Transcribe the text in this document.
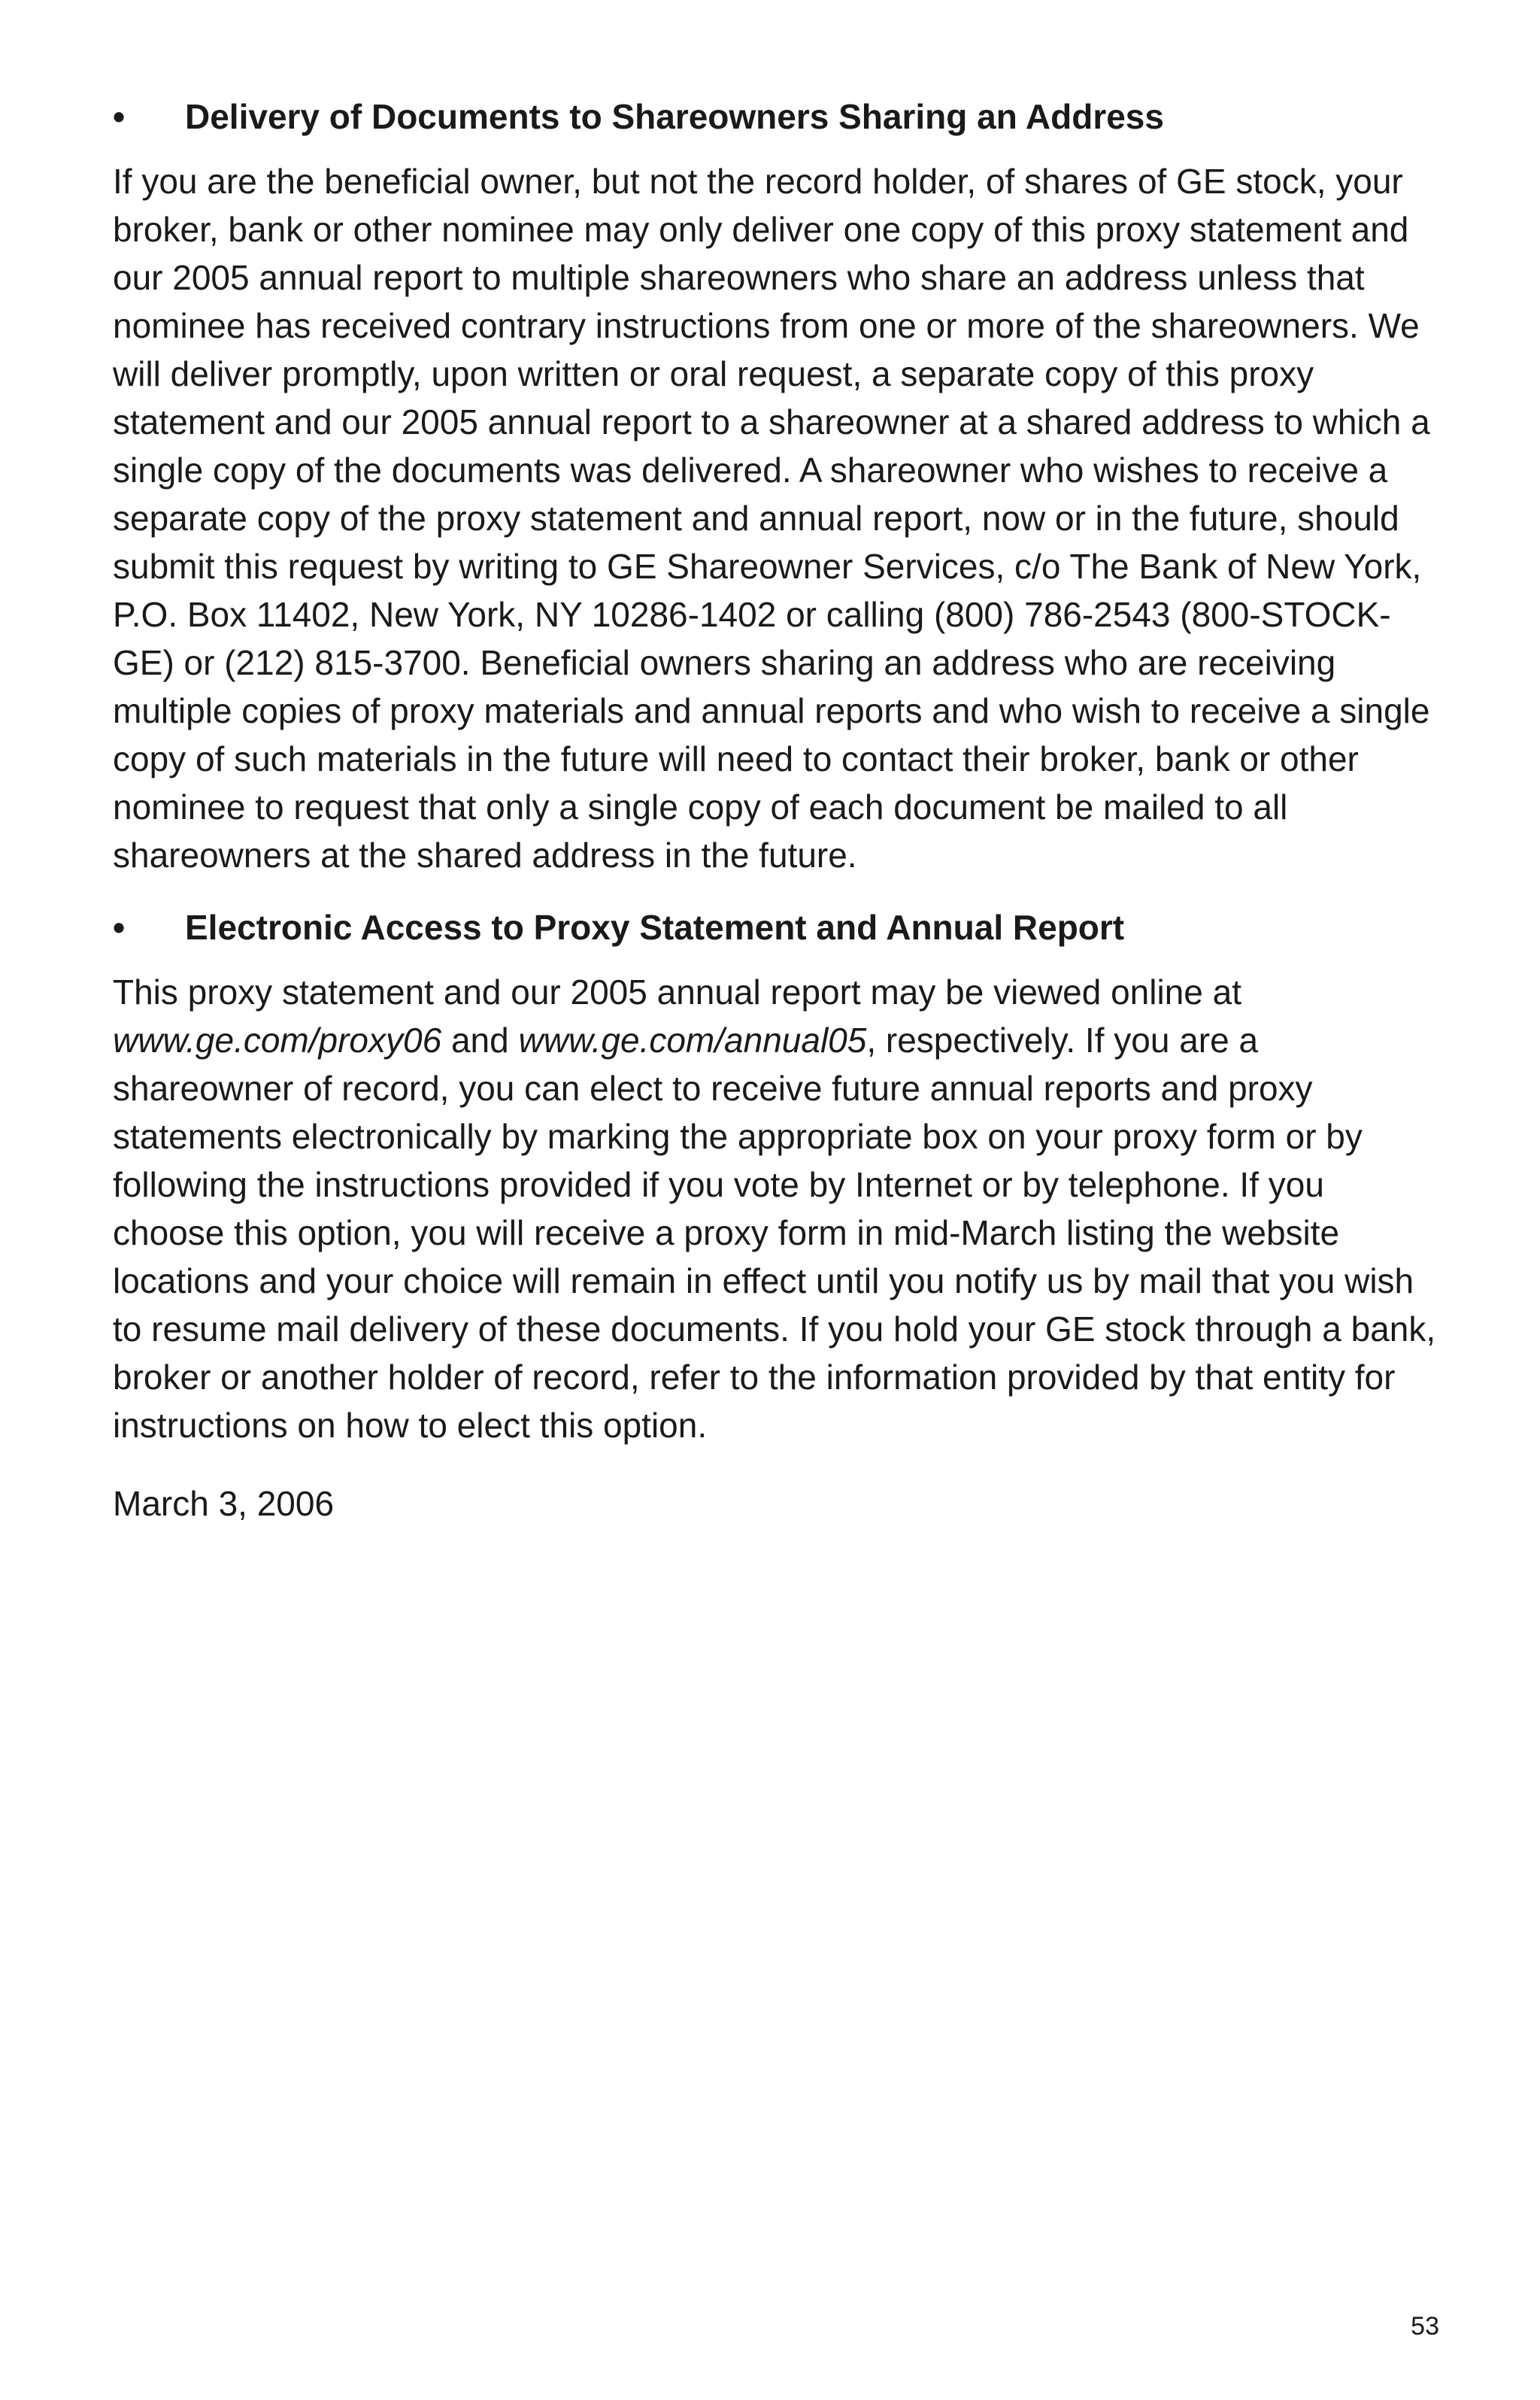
• Delivery of Documents to Shareowners Sharing an Address

If you are the beneficial owner, but not the record holder, of shares of GE stock, your broker, bank or other nominee may only deliver one copy of this proxy statement and our 2005 annual report to multiple shareowners who share an address unless that nominee has received contrary instructions from one or more of the shareowners. We will deliver promptly, upon written or oral request, a separate copy of this proxy statement and our 2005 annual report to a shareowner at a shared address to which a single copy of the documents was delivered. A shareowner who wishes to receive a separate copy of the proxy statement and annual report, now or in the future, should submit this request by writing to GE Shareowner Services, c/o The Bank of New York, P.O. Box 11402, New York, NY 10286-1402 or calling (800) 786-2543 (800-STOCK-GE) or (212) 815-3700. Beneficial owners sharing an address who are receiving multiple copies of proxy materials and annual reports and who wish to receive a single copy of such materials in the future will need to contact their broker, bank or other nominee to request that only a single copy of each document be mailed to all shareowners at the shared address in the future.

• Electronic Access to Proxy Statement and Annual Report

This proxy statement and our 2005 annual report may be viewed online at www.ge.com/proxy06 and www.ge.com/annual05, respectively. If you are a shareowner of record, you can elect to receive future annual reports and proxy statements electronically by marking the appropriate box on your proxy form or by following the instructions provided if you vote by Internet or by telephone. If you choose this option, you will receive a proxy form in mid-March listing the website locations and your choice will remain in effect until you notify us by mail that you wish to resume mail delivery of these documents. If you hold your GE stock through a bank, broker or another holder of record, refer to the information provided by that entity for instructions on how to elect this option.

March 3, 2006

53
